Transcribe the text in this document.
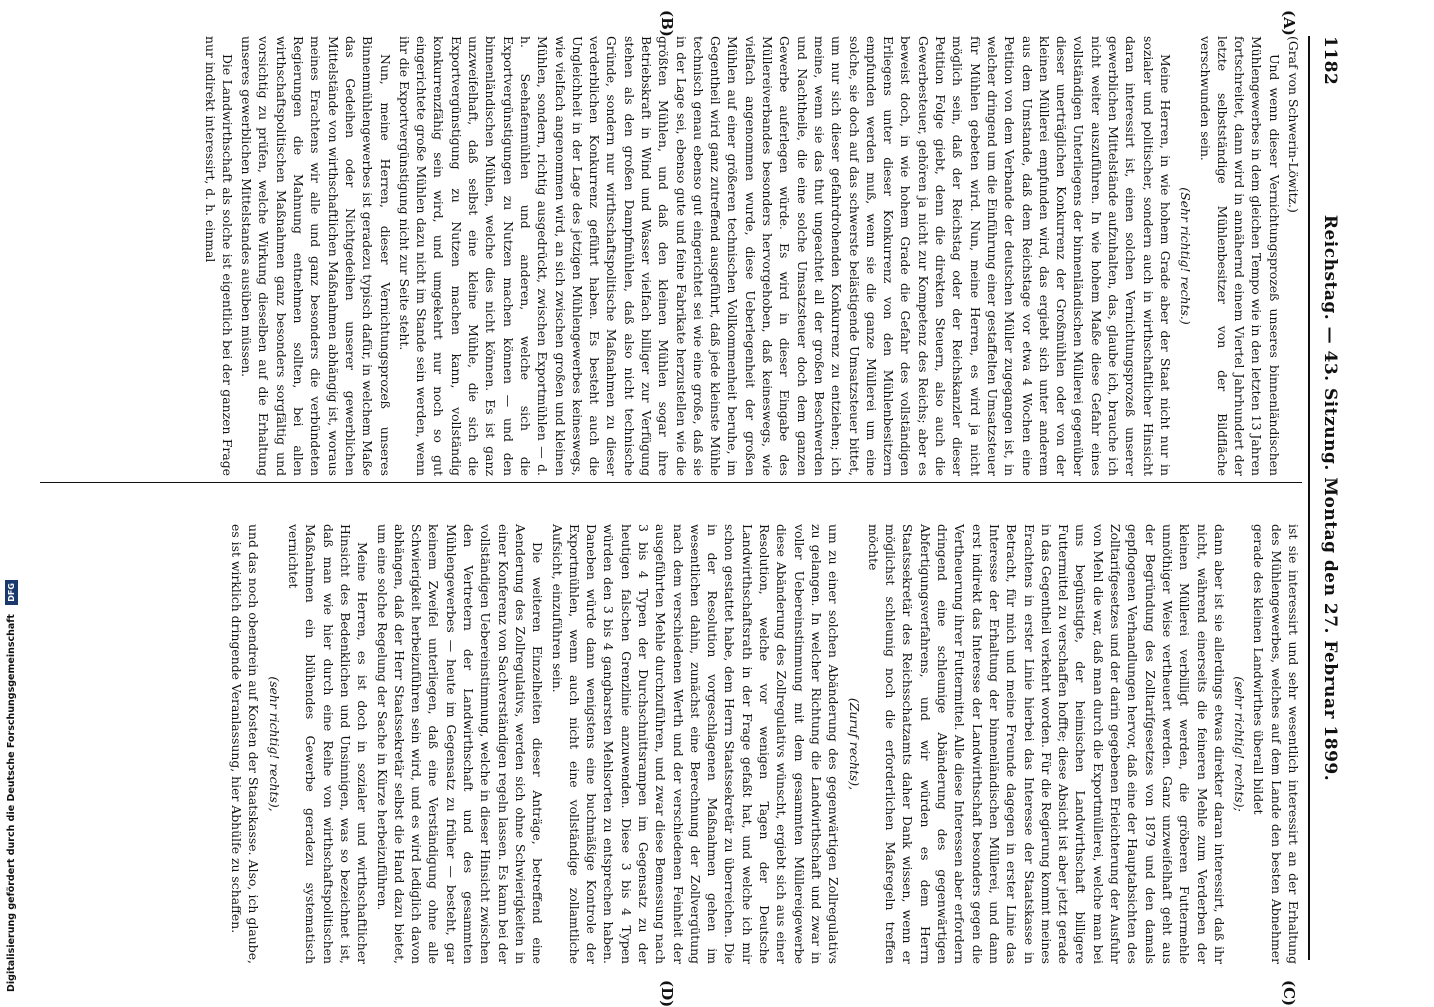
1182
Reichstag. — 43. Sitzung. Montag den 27. Februar 1899.
(A)
(B)
(C)
(D)

(Graf von Schwerin-Löwitz.)

Und wenn dieser Vernichtungsprozeß unseres binnenländischen Mühlengewerbes in dem gleichen Tempo wie in den letzten 13 Jahren fortschreitet, dann wird in annähernd einem Viertel Jahrhundert der letzte selbstständige Mühlenbesitzer von der Bildfläche verschwunden sein.

(Sehr richtig! rechts.)

Meine Herren, in wie hohem Grade aber der Staat nicht nur in sozialer und politischer, sondern auch in wirthschaftlicher Hinsicht daran interessirt ist, einen solchen Vernichtungsprozeß unserer gewerblichen Mittelstände aufzuhalten, das, glaube ich, brauche ich nicht weiter auszuführen. In wie hohem Maße diese Gefahr eines vollständigen Unterliegens der binnenländischen Müllerei gegenüber dieser unerträglichen Konkurrenz der Großmühlen oder von der kleinen Müllerei empfunden wird, das ergiebt sich unter anderem aus dem Umstande, daß dem Reichstage vor etwa 4 Wochen eine Petition von dem Verbande der deutschen Müller zugegangen ist, in welcher dringend um die Einführung einer gestaffelten Umsatzsteuer für Mühlen gebeten wird. Nun, meine Herren, es wird ja nicht möglich sein, daß der Reichstag oder der Reichskanzler dieser Petition Folge giebt, denn die direkten Steuern, also auch die Gewerbesteuer, gehören ja nicht zur Kompetenz des Reichs; aber es beweist doch, in wie hohem Grade die Gefahr des vollständigen Erliegens unter dieser Konkurrenz von den Mühlenbesitzern empfunden werden muß, wenn sie die ganze Müllerei um eine solche, sie doch auf das schwerste belästigende Umsatzsteuer bittet, um nur sich dieser gefahrdrohenden Konkurrenz zu entziehen; ich meine, wenn sie das thut ungeachtet all der großen Beschwerden und Nachtheile, die eine solche Umsatzsteuer doch dem ganzen Gewerbe auferlegen würde. Es wird in dieser Eingabe des Müllereiverbandes besonders hervorgehoben, daß keineswegs, wie vielfach angenommen wurde, diese Ueberlegenheit der großen Mühlen auf einer größeren technischen Vollkommenheit beruhe, im Gegentheil wird ganz zutreffend ausgeführt, daß jede kleinste Mühle technisch genau ebenso gut eingerichtet sei wie eine große, daß sie in der Lage sei, ebenso gute und feine Fabrikate herzustellen wie die größten Mühlen, und daß den kleinen Mühlen sogar ihre Betriebskraft in Wind und Wasser vielfach billiger zur Verfügung stehen als den großen Dampfmühlen, daß also nicht technische Gründe, sondern nur wirthschaftspolitische Maßnahmen zu dieser verderblichen Konkurrenz geführt haben. Es besteht auch die Ungleichheit in der Lage des jetzigen Mühlengewerbes keineswegs, wie vielfach angenommen wird, an sich zwischen großen und kleinen Mühlen, sondern, richtig ausgedrückt, zwischen Exportmühlen — d. h. Seehafenmühlen und anderen, welche sich die Exportvergünstigungen zu Nutzen machen können — und den binnenländischen Mühlen, welche dies nicht können. Es ist ganz unzweifelhaft, daß selbst eine kleine Mühle, die sich die Exportvergünstigung zu Nutzen machen kann, vollständig konkurrenzfähig sein wird, und umgekehrt nur noch so gut eingerichtete große Mühlen dazu nicht im Stande sein werden, wenn ihr die Exportvergünstigung nicht zur Seite steht.

Nun, meine Herren, dieser Vernichtungsprozeß unseres Binnenmühlengewerbes ist geradezu typisch dafür, in welchem Maße das Gedeihen oder Nichtgedeihen unserer gewerblichen Mittelstände von wirthschaftlichen Maßnahmen abhängig ist, woraus meines Erachtens wir alle und ganz besonders die verbündeten Regierungen die Mahnung entnehmen sollten, bei allen wirthschaftspolitischen Maßnahmen ganz besonders sorgfältig und vorsichtig zu prüfen, welche Wirkung dieselben auf die Erhaltung unseres gewerblichen Mittelstandes ausüben müssen.

Die Landwirthschaft als solche ist eigentlich bei der ganzen Frage nur indirekt interessirt, d. h. einmal

ist sie interessirt und sehr wesentlich interessirt an der Erhaltung des Mühlengewerbes, welches auf dem Lande den besten Abnehmer gerade des kleinen Landwirthes überall bildet

(sehr richtig! rechts);

dann aber ist sie allerdings etwas direkter daran interessirt, daß ihr nicht, während einerseits die feineren Mehle zum Verderben der kleinen Müllerei verbilligt werden, die gröberen Futtermehle unnöthiger Weise vertheuert werden. Ganz unzweifelhaft geht aus der Begründung des Zolltarifgesetzes von 1879 und den damals gepflogenen Verhandlungen hervor, daß eine der Hauptabsichten des Zolltarifgesetzes und der darin gegebenen Erleichterung der Ausfuhr von Mehl die war, daß man durch die Exportmüllerei, welche man bei uns begünstigte, der heimischen Landwirthschaft billigere Futtermittel zu verschaffen hoffte; diese Absicht ist aber jetzt gerade in das Gegentheil verkehrt worden. Für die Regierung kommt meines Erachtens in erster Linie hierbei das Interesse der Staatskasse in Betracht, für mich und meine Freunde dagegen in erster Linie das Interesse der Erhaltung der binnenländischen Müllerei, und dann erst indirekt das Interesse der Landwirthschaft besonders gegen die Vertheuerung ihrer Futtermittel. Alle diese Interessen aber erfordern dringend eine schleunige Abänderung des gegenwärtigen Abfertigungsverfahrens, und wir würden es dem Herrn Staatssekretär des Reichsschatzamts daher Dank wissen, wenn er möglichst schleunig noch die erforderlichen Maßregeln treffen möchte

(Zuruf rechts),

um zu einer solchen Abänderung des gegenwärtigen Zollregulativs zu gelangen. In welcher Richtung die Landwirthschaft und zwar in voller Uebereinstimmung mit dem gesammten Müllereigewerbe diese Abänderung des Zollregulativs wünscht, ergiebt sich aus einer Resolution, welche vor wenigen Tagen der Deutsche Landwirthschaftsrath in der Frage gefaßt hat, und welche ich mir schon gestattet habe, dem Herrn Staatssekretär zu überreichen. Die in der Resolution vorgeschlagenen Maßnahmen gehen im wesentlichen dahin, zunächst eine Berechnung der Zollvergütung nach dem verschiedenen Werth und der verschiedenen Feinheit der ausgeführten Mehle durchzuführen, und zwar diese Bemessung nach 3 bis 4 Typen der Durchschnittsrampen im Gegensatz zu der heutigen falschen Grenzlinie anzuwenden. Diese 3 bis 4 Typen würden den 3 bis 4 gangbarsten Mehlsorten zu entsprechen haben. Daneben würde dann wenigstens eine buchmäßige Kontrole der Exportmühlen, wenn auch nicht eine vollständige zollamtliche Aufsicht, einzuführen sein.

Die weiteren Einzelheiten dieser Anträge, betreffend eine Aenderung des Zollregulativs, werden sich ohne Schwierigkeiten in einer Konferenz von Sachverständigen regeln lassen. Es kann bei der vollständigen Uebereinstimmung, welche in dieser Hinsicht zwischen den Vertretern der Landwirthschaft und des gesammten Mühlengewerbes — heute im Gegensatz zu früher — besteht, gar keinem Zweifel unterliegen, daß eine Verständigung ohne alle Schwierigkeit herbeizuführen sein wird, und es wird lediglich davon abhängen, daß der Herr Staatssekretär selbst die Hand dazu bietet, um eine solche Regelung der Sache in Kürze herbeizuführen.

Meine Herren, es ist doch in sozialer und wirthschaftlicher Hinsicht des Bedenklichen und Unsinnigen, was so bezeichnet ist, daß man wie hier durch eine Reihe von wirthschaftspolitischen Maßnahmen ein blühendes Gewerbe geradezu systematisch vernichtet

(sehr richtig! rechts),

und das noch obendrein auf Kosten der Staatskasse. Also, ich glaube, es ist wirklich dringende Veranlassung, hier Abhülfe zu schaffen.

Digitalisierung gefördert durch die Deutsche Forschungsgemeinschaft DFG
